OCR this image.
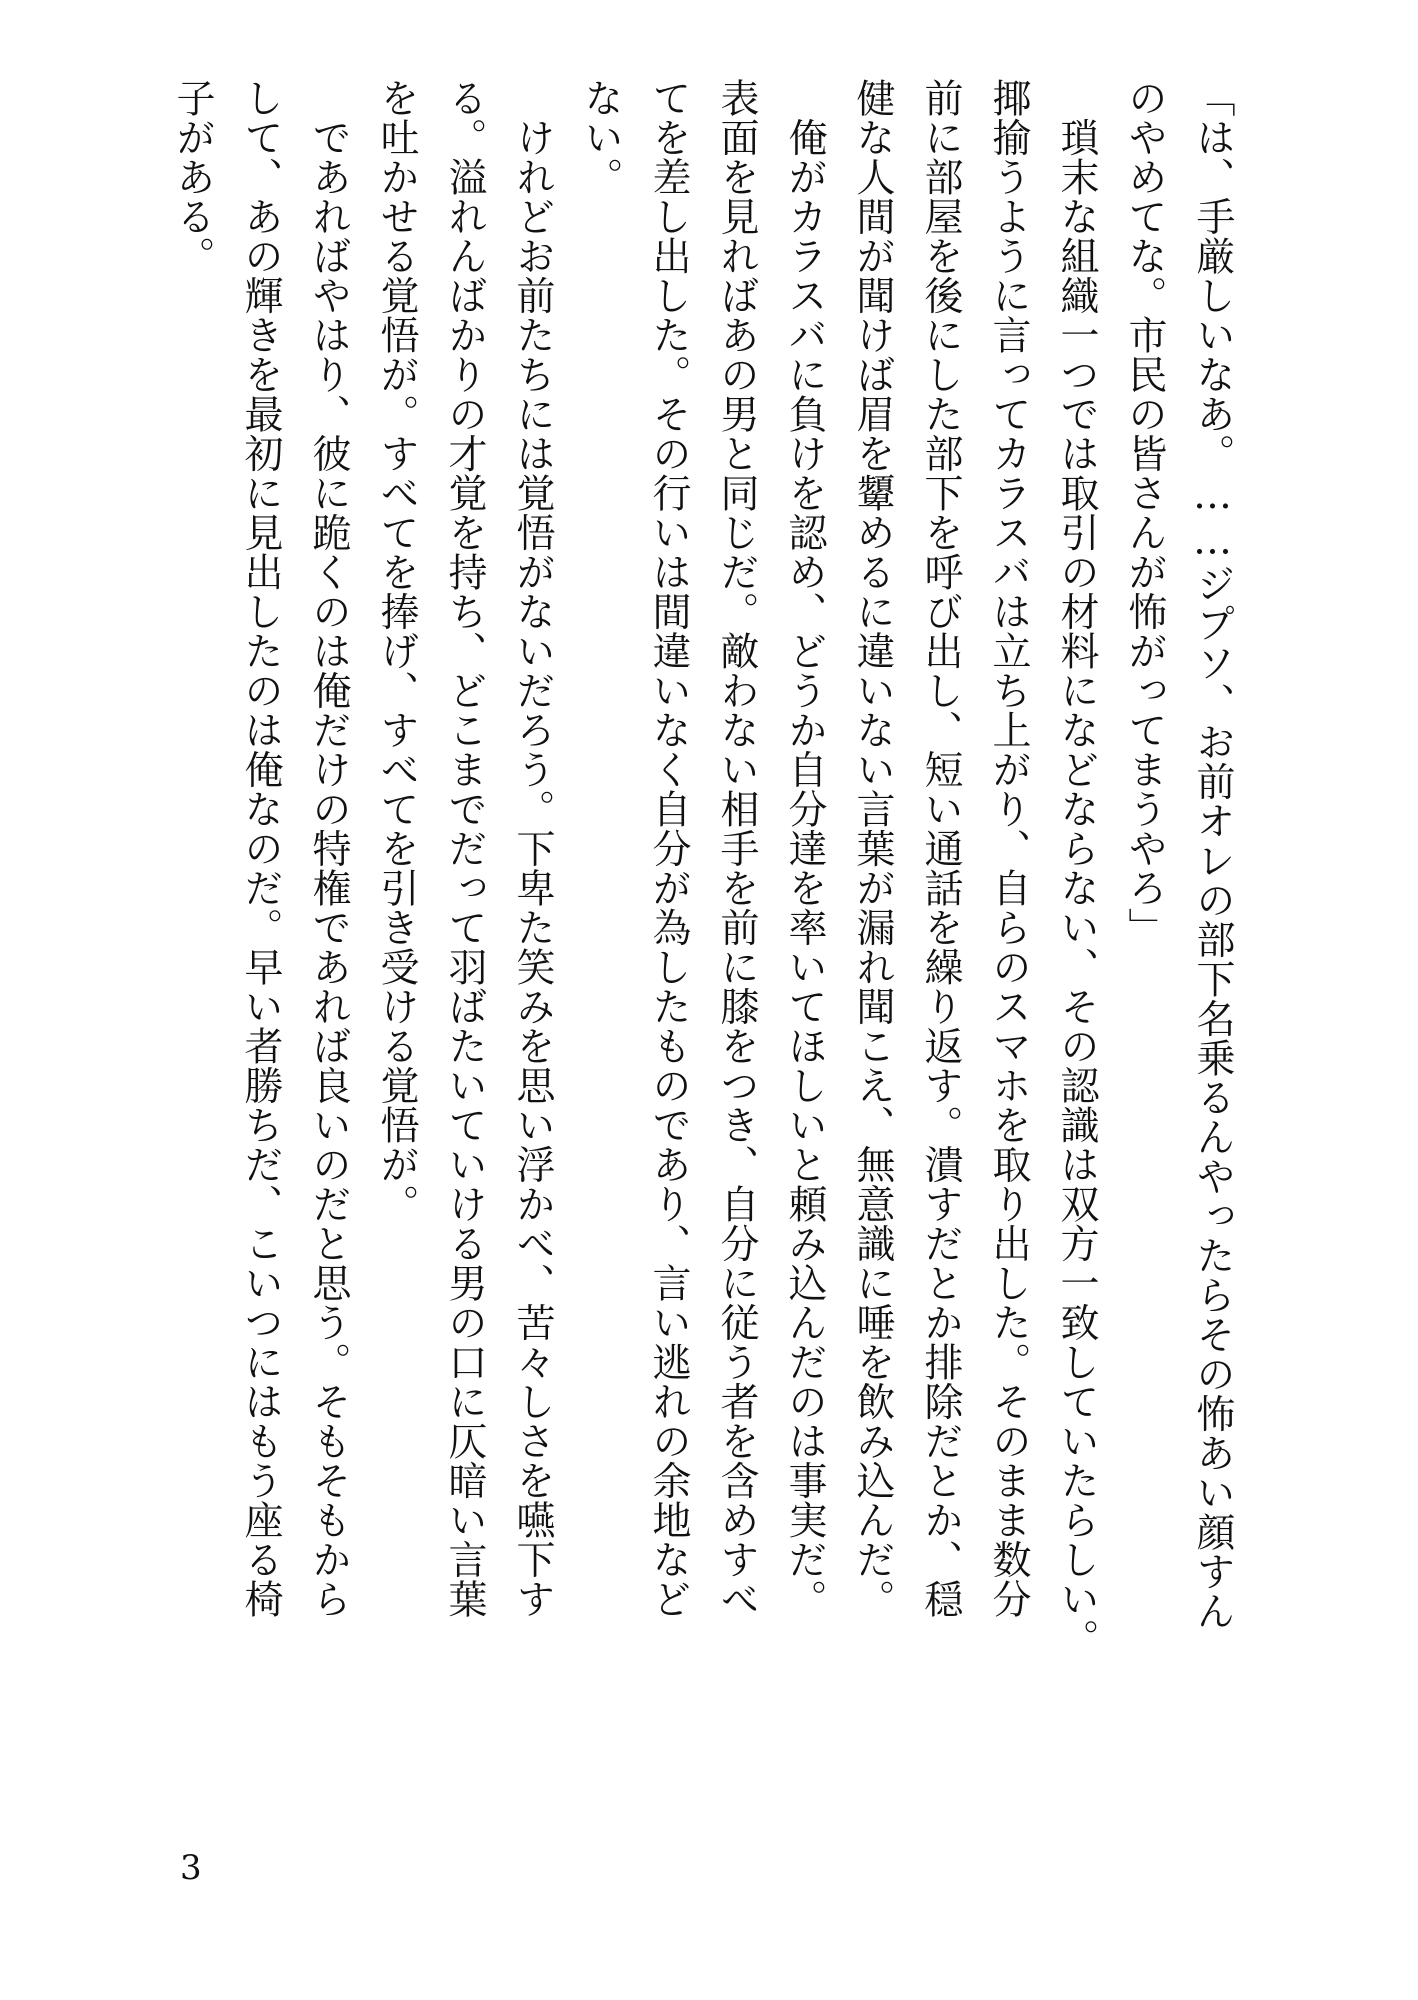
「は、手厳しいなあ。……ジプソ、お前オレの部下名乗るんやったらその怖あい顔すん

のやめてな。市民の皆さんが怖がってまうやろ」

　瑣末な組織一つでは取引の材料になどならない、その認識は双方一致していたらしい。

揶揄うように言ってカラスバは立ち上がり、自らのスマホを取り出した。そのまま数分

前に部屋を後にした部下を呼び出し、短い通話を繰り返す。潰すだとか排除だとか、穏

健な人間が聞けば眉を顰めるに違いない言葉が漏れ聞こえ、無意識に唾を飲み込んだ。

　俺がカラスバに負けを認め、どうか自分達を率いてほしいと頼み込んだのは事実だ。

表面を見ればあの男と同じだ。敵わない相手を前に膝をつき、自分に従う者を含めすべ

てを差し出した。その行いは間違いなく自分が為したものであり、言い逃れの余地など

ない。

　けれどお前たちには覚悟がないだろう。下卑た笑みを思い浮かべ、苦々しさを嚥下す

る。溢れんばかりの才覚を持ち、どこまでだって羽ばたいていける男の口に仄暗い言葉

を吐かせる覚悟が。すべてを捧げ、すべてを引き受ける覚悟が。

　であればやはり、彼に跪くのは俺だけの特権であれば良いのだと思う。そもそもから

して、あの輝きを最初に見出したのは俺なのだ。早い者勝ちだ、こいつにはもう座る椅

子がある。

3
